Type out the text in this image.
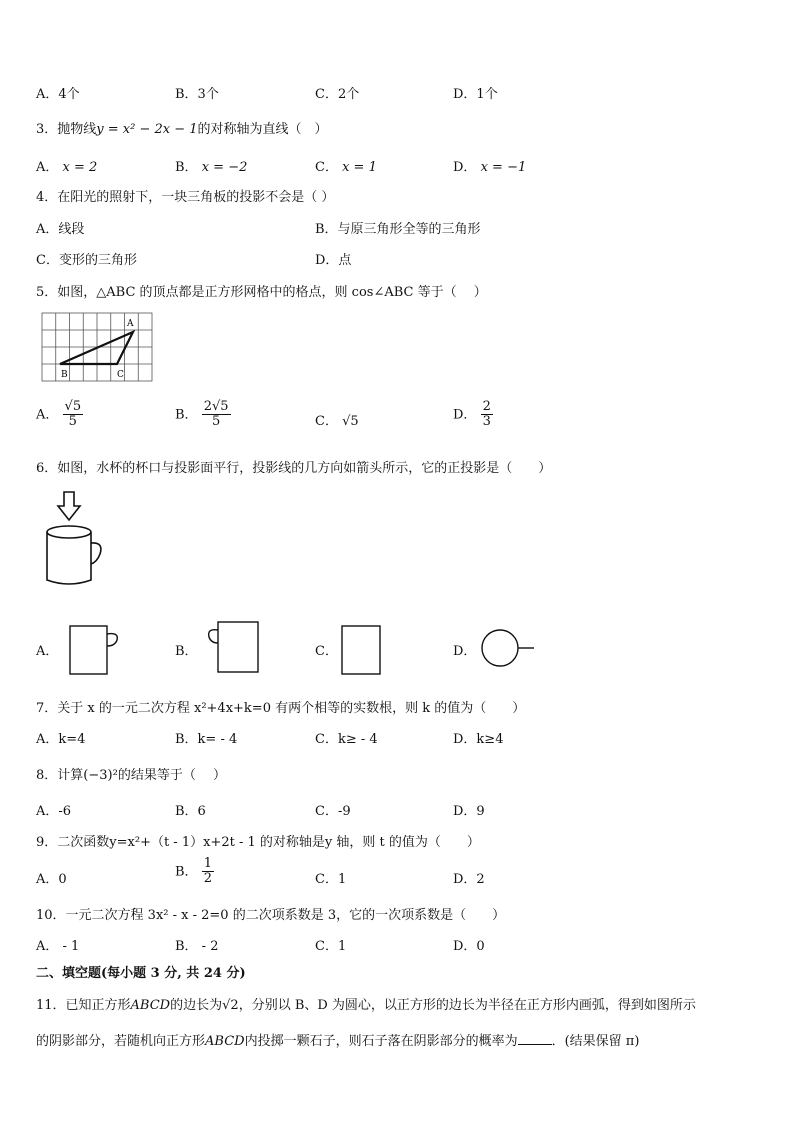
A．4个	B．3个	C．2个	D．1个
3．抛物线y = x² − 2x − 1的对称轴为直线（　）
A． x = 2	B． x = −2	C． x = 1	D． x = −1
4．在阳光的照射下，一块三角板的投影不会是（ ）
A．线段	B．与原三角形全等的三角形
C．变形的三角形	D．点
5．如图，△ABC 的顶点都是正方形网格中的格点，则 cos∠ABC 等于（　 ）
A
B	C
A． $\frac{√5}{5}$	B． $\frac{2√5}{5}$	C． √5	D． $\frac{2}{3}$
6．如图，水杯的杯口与投影面平行，投影线的几方向如箭头所示，它的正投影是（　　）
A．	B．	C．	D．
7．关于 x 的一元二次方程 x²+4x+k=0 有两个相等的实数根，则 k 的值为（　　）
A．k=4	B．k= - 4	C．k≥ - 4	D．k≥4
8．计算(−3)²的结果等于（　 ）
A．-6	B．6	C．-9	D．9
9．二次函数y=x²+（t - 1）x+2t - 1 的对称轴是y 轴，则 t 的值为（　　）
A．0
B． $\frac{1}{2}$	C．1	D．2
10．一元二次方程 3x² - x - 2=0 的二次项系数是 3，它的一次项系数是（　　）
A． - 1	B． - 2	C．1	D．0
二、填空题(每小题 3 分, 共 24 分)
11．已知正方形ABCD的边长为√2，分别以 B、D 为圆心，以正方形的边长为半径在正方形内画弧，得到如图所示
的阴影部分，若随机向正方形ABCD内投掷一颗石子，则石子落在阴影部分的概率为	．(结果保留 π)
